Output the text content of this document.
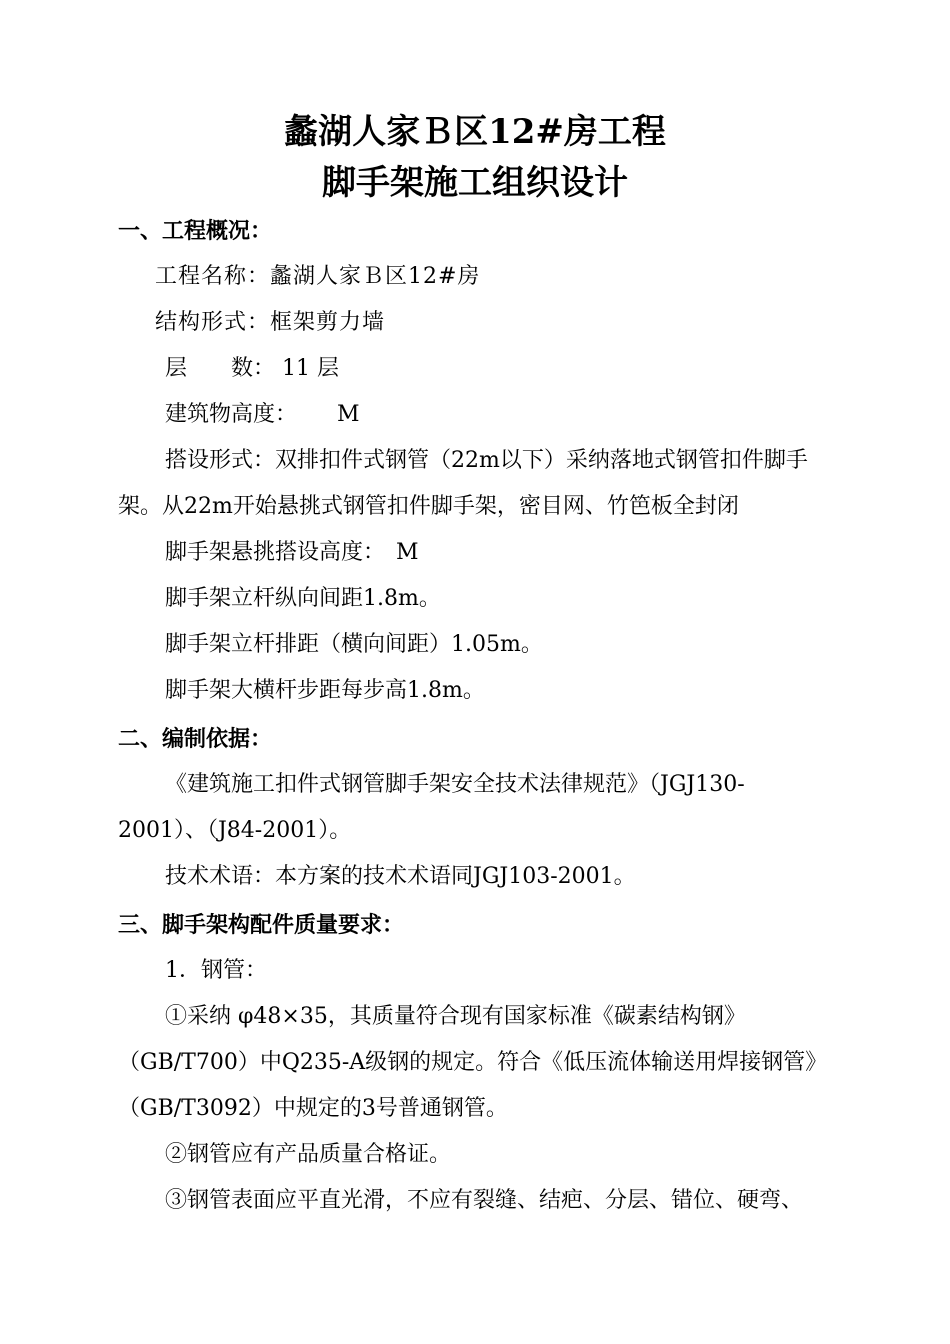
蠡湖人家Ｂ区12#房工程
脚手架施工组织设计
一、工程概况：
工程名称：蠡湖人家Ｂ区12#房
结构形式：框架剪力墙
层　　数： 11 层
建筑物高度：　　 M
搭设形式：双排扣件式钢管（22m以下）采纳落地式钢管扣件脚手
架。从22m开始悬挑式钢管扣件脚手架，密目网、竹笆板全封闭
脚手架悬挑搭设高度：　M
脚手架立杆纵向间距1.8m。
脚手架立杆排距（横向间距）1.05m。
脚手架大横杆步距每步高1.8m。
二、编制依据：
《建筑施工扣件式钢管脚手架安全技术法律规范》（JGJ130-
2001）、（J84-2001）。
技术术语：本方案的技术术语同JGJ103-2001。
三、脚手架构配件质量要求：
1．钢管：
①采纳 φ48×35，其质量符合现有国家标准《碳素结构钢》
（GB/T700）中Q235-A级钢的规定。符合《低压流体输送用焊接钢管》
（GB/T3092）中规定的3号普通钢管。
②钢管应有产品质量合格证。
③钢管表面应平直光滑，不应有裂缝、结疤、分层、错位、硬弯、
